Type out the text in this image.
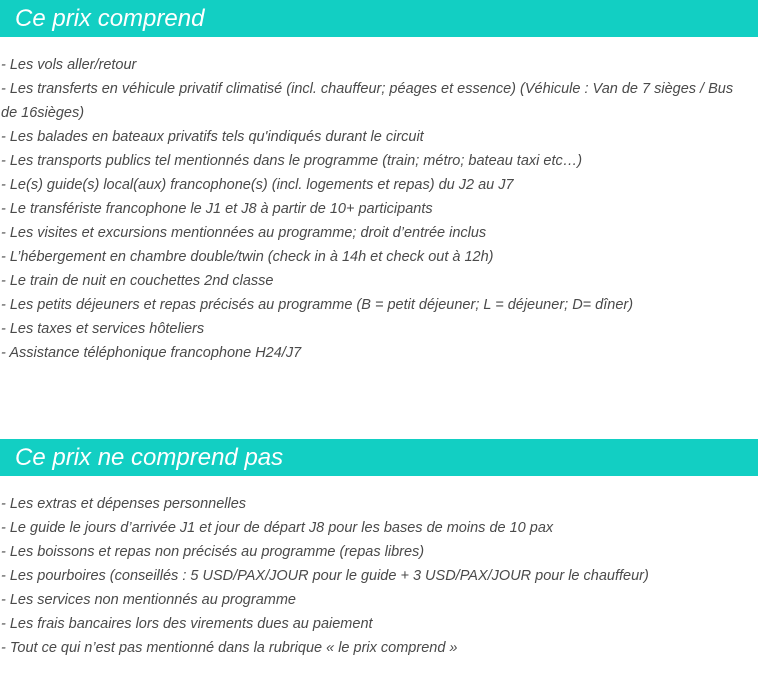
Ce prix comprend
- Les vols aller/retour
- Les transferts en véhicule privatif climatisé (incl. chauffeur; péages et essence) (Véhicule : Van de 7 sièges / Bus de 16sièges)
- Les balades en bateaux privatifs tels qu'indiqués durant le circuit
- Les transports publics tel mentionnés dans le programme (train; métro; bateau taxi etc…)
- Le(s) guide(s) local(aux) francophone(s) (incl. logements et repas) du J2 au J7
- Le transfériste francophone le J1 et J8 à partir de 10+ participants
- Les visites et excursions mentionnées au programme; droit d’entrée inclus
- L’hébergement en chambre double/twin (check in à 14h et check out à 12h)
- Le train de nuit en couchettes 2nd classe
- Les petits déjeuners et repas précisés au programme (B = petit déjeuner; L = déjeuner; D= dîner)
- Les taxes et services hôteliers
- Assistance téléphonique francophone H24/J7
Ce prix ne comprend pas
- Les extras et dépenses personnelles
- Le guide le jours d’arrivée J1 et jour de départ J8 pour les bases de moins de 10 pax
- Les boissons et repas non précisés au programme (repas libres)
- Les pourboires (conseillés : 5 USD/PAX/JOUR pour le guide + 3 USD/PAX/JOUR pour le chauffeur)
- Les services non mentionnés au programme
- Les frais bancaires lors des virements dues au paiement
- Tout ce qui n’est pas mentionné dans la rubrique « le prix comprend »
